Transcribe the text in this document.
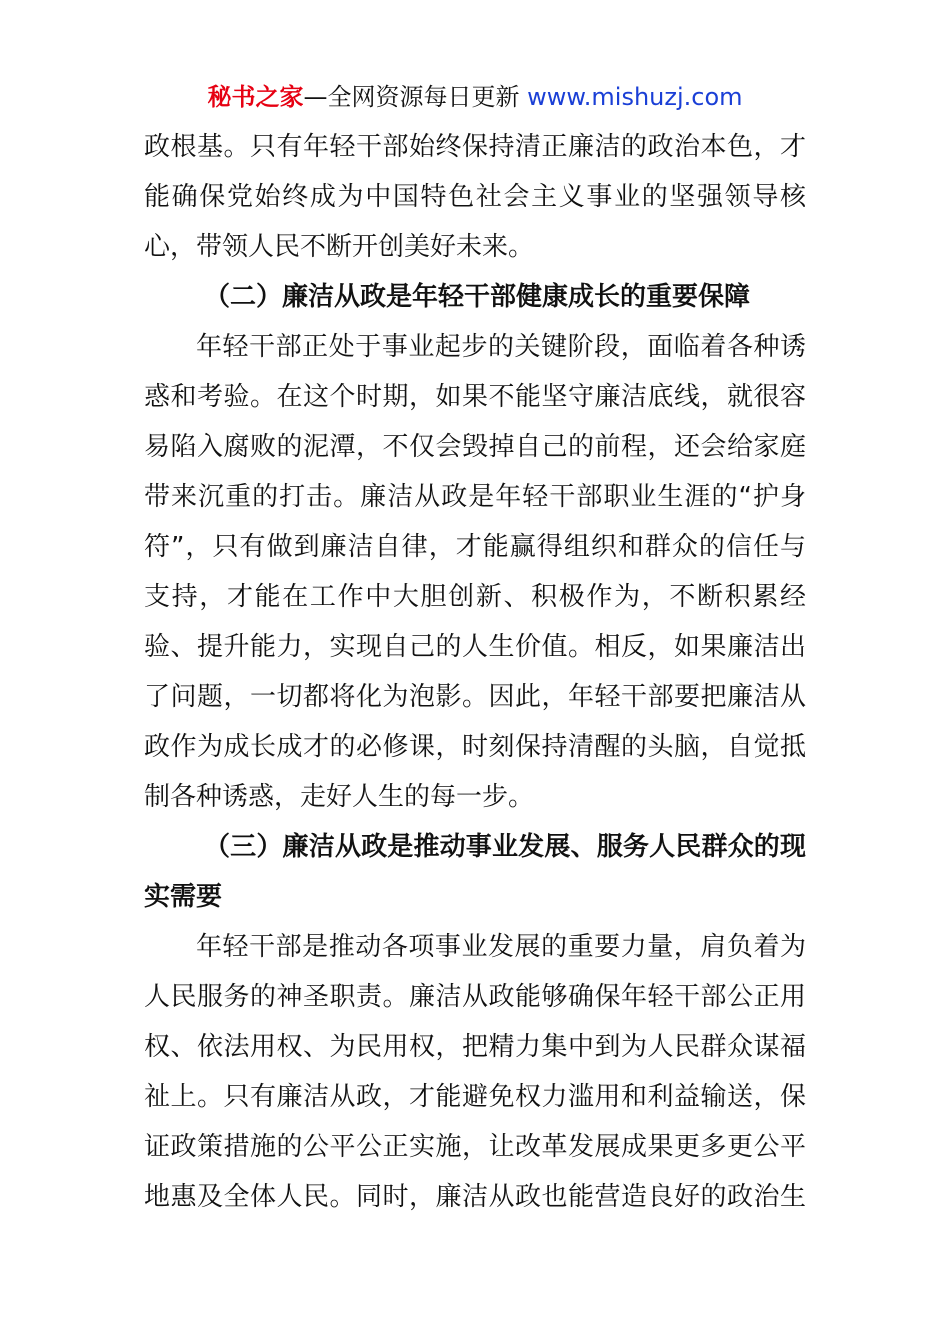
秘书之家—全网资源每日更新 www.mishuzj.com
政根基。只有年轻干部始终保持清正廉洁的政治本色，才
能确保党始终成为中国特色社会主义事业的坚强领导核
心，带领人民不断开创美好未来。
（二）廉洁从政是年轻干部健康成长的重要保障
年轻干部正处于事业起步的关键阶段，面临着各种诱
惑和考验。在这个时期，如果不能坚守廉洁底线，就很容
易陷入腐败的泥潭，不仅会毁掉自己的前程，还会给家庭
带来沉重的打击。廉洁从政是年轻干部职业生涯的“护身
符”，只有做到廉洁自律，才能赢得组织和群众的信任与
支持，才能在工作中大胆创新、积极作为，不断积累经
验、提升能力，实现自己的人生价值。相反，如果廉洁出
了问题，一切都将化为泡影。因此，年轻干部要把廉洁从
政作为成长成才的必修课，时刻保持清醒的头脑，自觉抵
制各种诱惑，走好人生的每一步。
（三）廉洁从政是推动事业发展、服务人民群众的现
实需要
年轻干部是推动各项事业发展的重要力量，肩负着为
人民服务的神圣职责。廉洁从政能够确保年轻干部公正用
权、依法用权、为民用权，把精力集中到为人民群众谋福
祉上。只有廉洁从政，才能避免权力滥用和利益输送，保
证政策措施的公平公正实施，让改革发展成果更多更公平
地惠及全体人民。同时，廉洁从政也能营造良好的政治生
